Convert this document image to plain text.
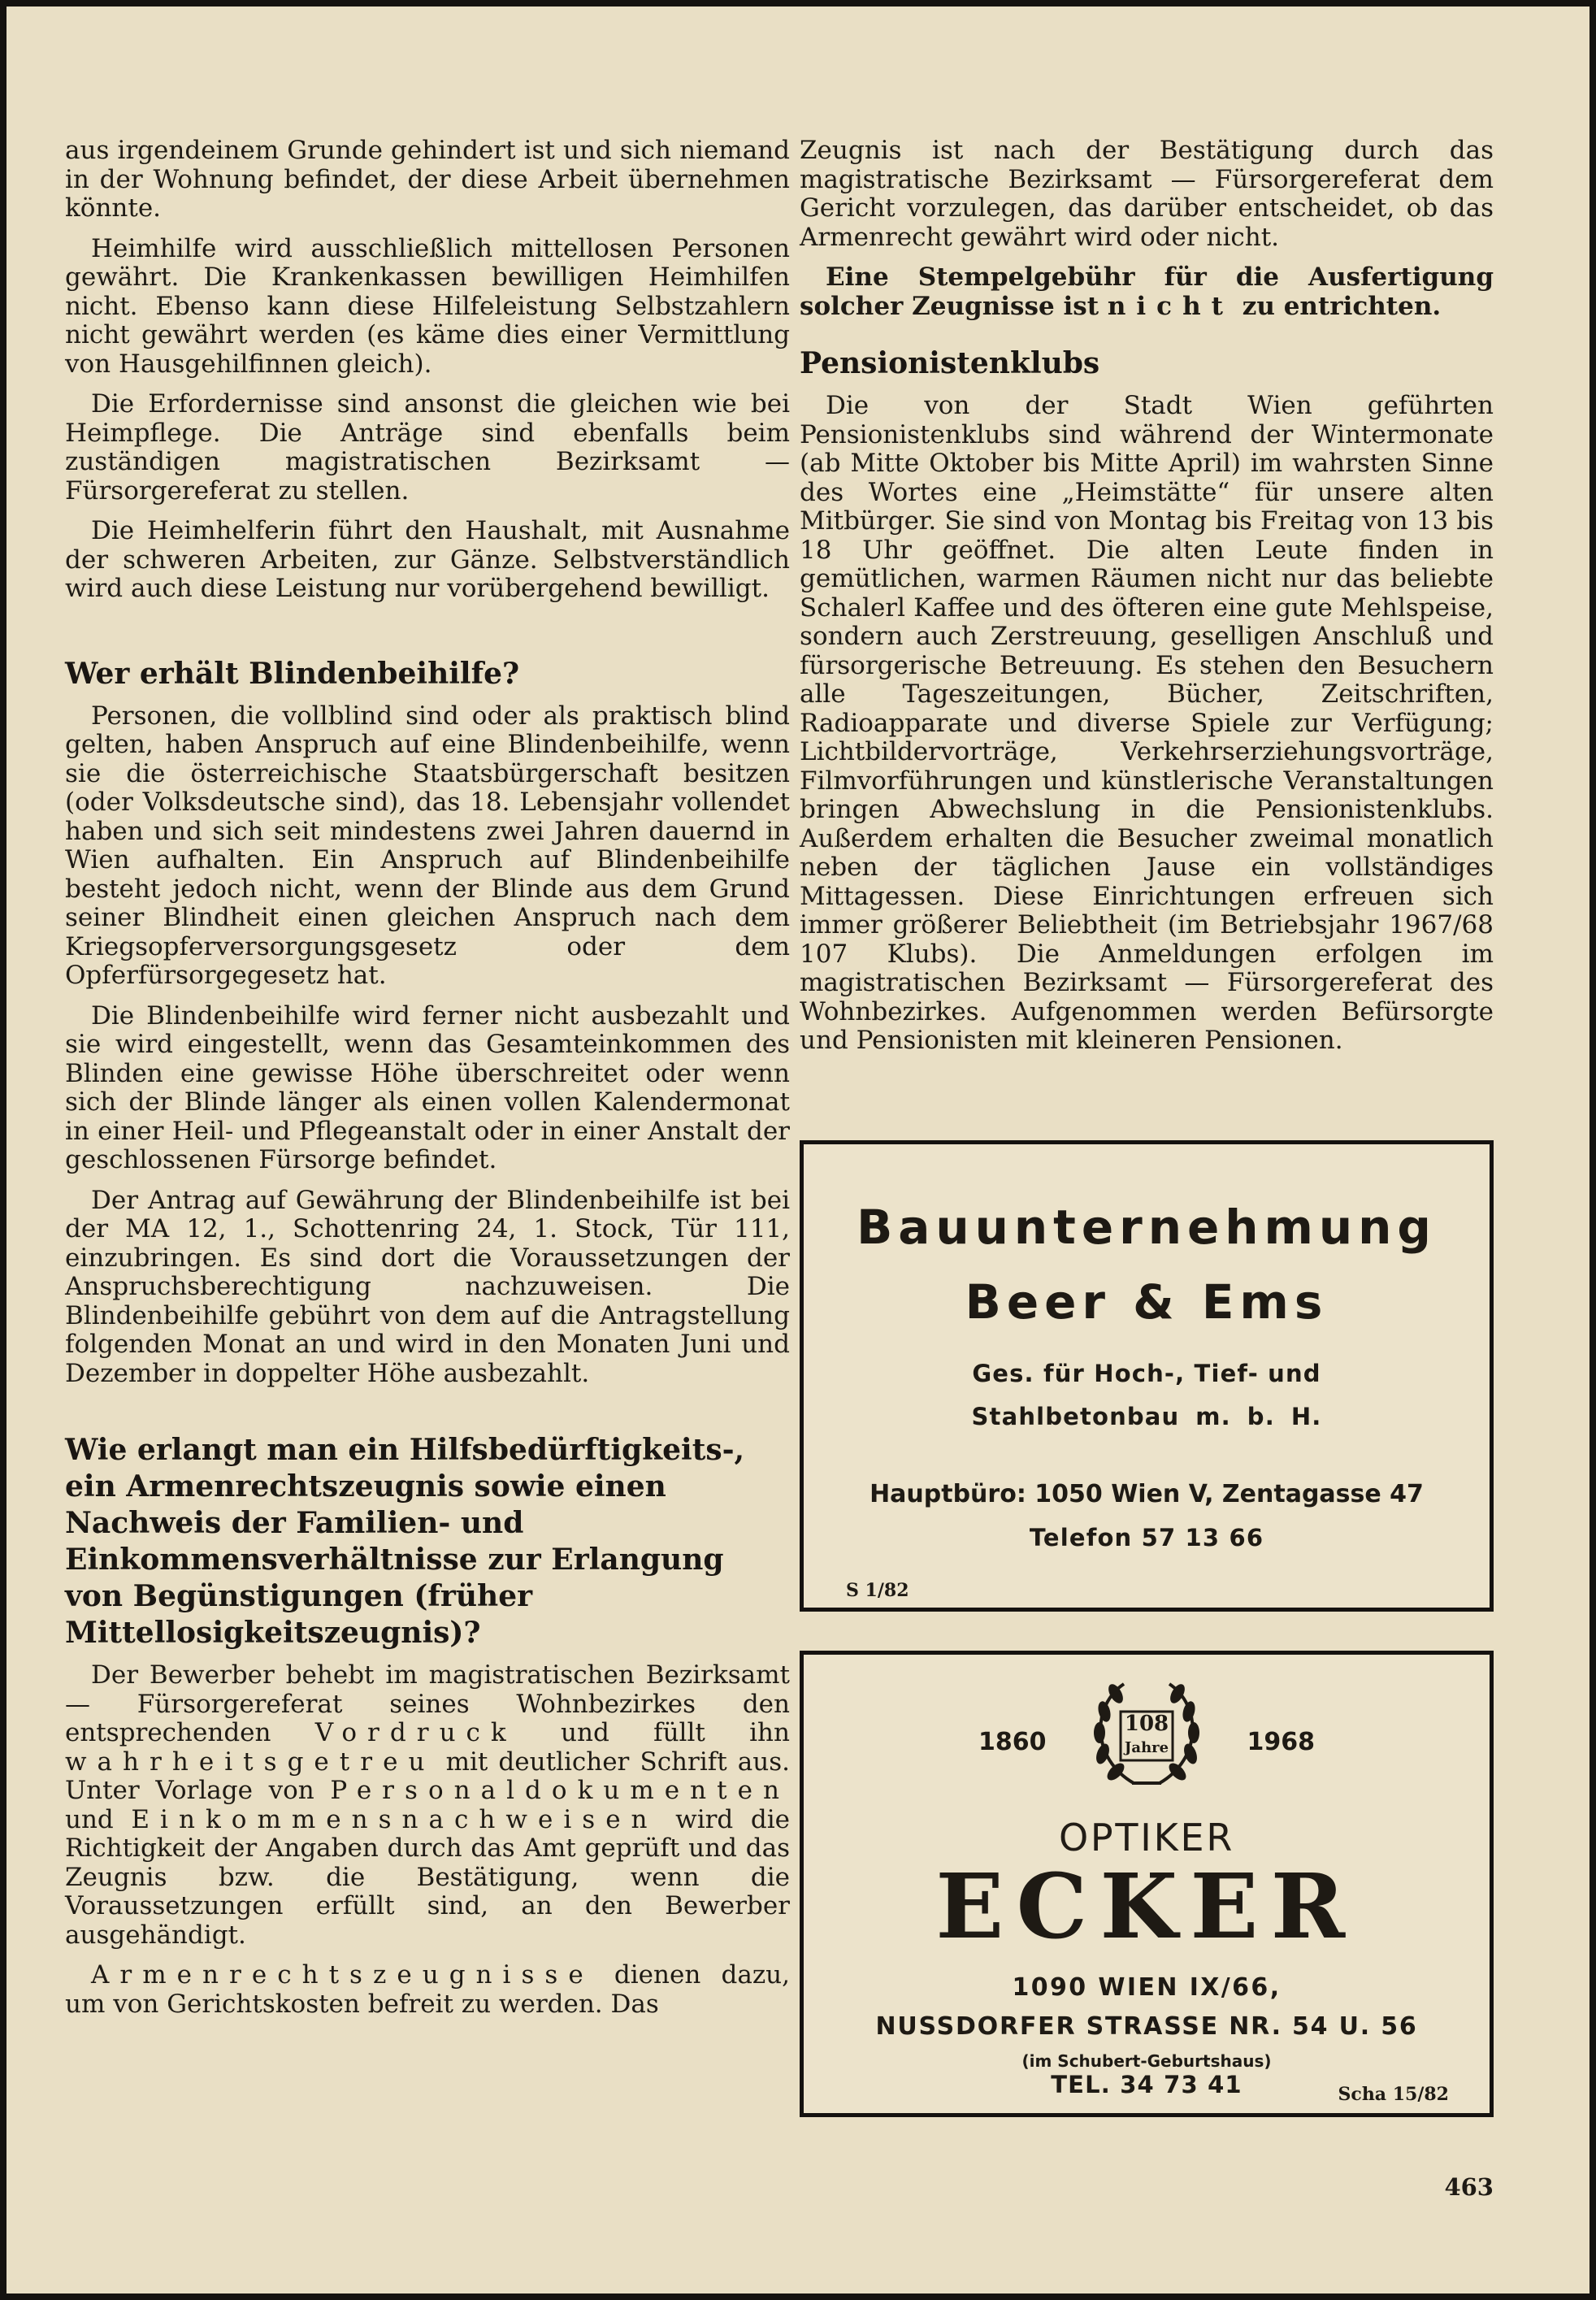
aus irgendeinem Grunde gehindert ist und sich niemand in der Wohnung befindet, der diese Arbeit übernehmen könnte.

Heimhilfe wird ausschließlich mittellosen Personen gewährt. Die Krankenkassen bewilligen Heimhilfen nicht. Ebenso kann diese Hilfeleistung Selbstzahlern nicht gewährt werden (es käme dies einer Vermittlung von Hausgehilfinnen gleich).

Die Erfordernisse sind ansonst die gleichen wie bei Heimpflege. Die Anträge sind ebenfalls beim zuständigen magistratischen Bezirksamt — Fürsorgereferat zu stellen.

Die Heimhelferin führt den Haushalt, mit Ausnahme der schweren Arbeiten, zur Gänze. Selbstverständlich wird auch diese Leistung nur vorübergehend bewilligt.

Wer erhält Blindenbeihilfe?

Personen, die vollblind sind oder als praktisch blind gelten, haben Anspruch auf eine Blindenbeihilfe, wenn sie die österreichische Staatsbürgerschaft besitzen (oder Volksdeutsche sind), das 18. Lebensjahr vollendet haben und sich seit mindestens zwei Jahren dauernd in Wien aufhalten. Ein Anspruch auf Blindenbeihilfe besteht jedoch nicht, wenn der Blinde aus dem Grund seiner Blindheit einen gleichen Anspruch nach dem Kriegsopferversorgungsgesetz oder dem Opferfürsorgegesetz hat.

Die Blindenbeihilfe wird ferner nicht ausbezahlt und sie wird eingestellt, wenn das Gesamteinkommen des Blinden eine gewisse Höhe überschreitet oder wenn sich der Blinde länger als einen vollen Kalendermonat in einer Heil- und Pflegeanstalt oder in einer Anstalt der geschlossenen Fürsorge befindet.

Der Antrag auf Gewährung der Blindenbeihilfe ist bei der MA 12, 1., Schottenring 24, 1. Stock, Tür 111, einzubringen. Es sind dort die Voraussetzungen der Anspruchsberechtigung nachzuweisen. Die Blindenbeihilfe gebührt von dem auf die Antragstellung folgenden Monat an und wird in den Monaten Juni und Dezember in doppelter Höhe ausbezahlt.

Wie erlangt man ein Hilfsbedürftigkeits-, ein Armenrechtszeugnis sowie einen Nachweis der Familien- und Einkommensverhältnisse zur Erlangung von Begünstigungen (früher Mittellosigkeitszeugnis)?

Der Bewerber behebt im magistratischen Bezirksamt — Fürsorgereferat seines Wohnbezirkes den entsprechenden Vordruck und füllt ihn wahrheitsgetreu mit deutlicher Schrift aus. Unter Vorlage von Personaldokumenten und Einkommensnachweisen wird die Richtigkeit der Angaben durch das Amt geprüft und das Zeugnis bzw. die Bestätigung, wenn die Voraussetzungen erfüllt sind, an den Bewerber ausgehändigt.

Armenrechtszeugnisse dienen dazu, um von Gerichtskosten befreit zu werden. Das

Zeugnis ist nach der Bestätigung durch das magistratische Bezirksamt — Fürsorgereferat dem Gericht vorzulegen, das darüber entscheidet, ob das Armenrecht gewährt wird oder nicht.

Eine Stempelgebühr für die Ausfertigung solcher Zeugnisse ist nicht zu entrichten.

Pensionistenklubs

Die von der Stadt Wien geführten Pensionistenklubs sind während der Wintermonate (ab Mitte Oktober bis Mitte April) im wahrsten Sinne des Wortes eine „Heimstätte“ für unsere alten Mitbürger. Sie sind von Montag bis Freitag von 13 bis 18 Uhr geöffnet. Die alten Leute finden in gemütlichen, warmen Räumen nicht nur das beliebte Schalerl Kaffee und des öfteren eine gute Mehlspeise, sondern auch Zerstreuung, geselligen Anschluß und fürsorgerische Betreuung. Es stehen den Besuchern alle Tageszeitungen, Bücher, Zeitschriften, Radioapparate und diverse Spiele zur Verfügung; Lichtbildervorträge, Verkehrserziehungsvorträge, Filmvorführungen und künstlerische Veranstaltungen bringen Abwechslung in die Pensionistenklubs. Außerdem erhalten die Besucher zweimal monatlich neben der täglichen Jause ein vollständiges Mittagessen. Diese Einrichtungen erfreuen sich immer größerer Beliebtheit (im Betriebsjahr 1967/68 107 Klubs). Die Anmeldungen erfolgen im magistratischen Bezirksamt — Fürsorgereferat des Wohnbezirkes. Aufgenommen werden Befürsorgte und Pensionisten mit kleineren Pensionen.

Bauunternehmung
Beer & Ems
Ges. für Hoch-, Tief- und
Stahlbetonbau m. b. H.
Hauptbüro: 1050 Wien V, Zentagasse 47
Telefon 57 13 66
S 1/82
1860	1968
108
Jahre
OPTIKER
ECKER
1090 WIEN IX/66,
NUSSDORFER STRASSE NR. 54 U. 56
(im Schubert-Geburtshaus)
TEL. 34 73 41	Scha 15/82
463
